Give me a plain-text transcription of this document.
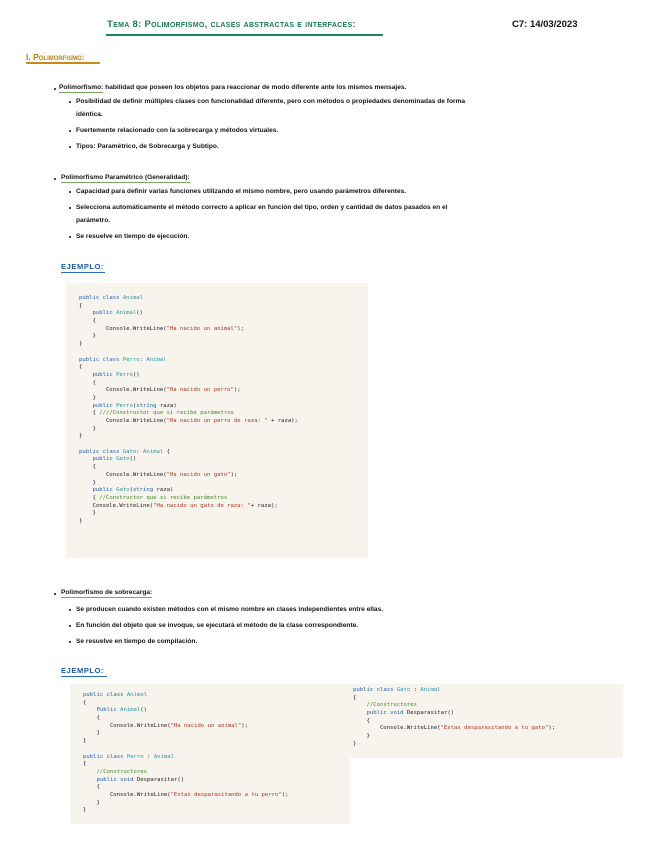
Tema 8: Polimorfismo, clases abstractas e interfaces:	C7: 14/03/2023
I. Polimorfismo:
Polimorfismo: habilidad que poseen los objetos para reaccionar de modo diferente ante los mismos mensajes.
Posibilidad de definir múltiples clases con funcionalidad diferente, pero con métodos o propiedades denominadas de forma
idéntica.
Fuertemente relacionado con la sobrecarga y métodos virtuales.
Tipos: Paramétrico, de Sobrecarga y Subtipo.
Polimorfismo Paramétrico (Generalidad):
Capacidad para definir varias funciones utilizando el mismo nombre, pero usando parámetros diferentes.
Selecciona automáticamente el método correcto a aplicar en función del tipo, orden y cantidad de datos pasados en el
parámetro.
Se resuelve en tiempo de ejecución.
Polimorfismo de sobrecarga:
Se producen cuando existen métodos con el mismo nombre en clases independientes entre ellas.
En función del objeto que se invoque, se ejecutará el método de la clase correspondiente.
Se resuelve en tiempo de compilación.
EJEMPLO:
public class Animal
{
public Animal()
{
Console.WriteLine("Ha nacido un animal");
}
}

public class Perro: Animal
{
public Perro()
{
Console.WriteLine("Ha nacido un perro");
}
public Perro(string raza)
{ ////Constructor que si recibe parámetros
Console.WriteLine("Ha nacido un perro de raza: " + raza);
}
}

public class Gato: Animal {
public Gato()
{
Console.WriteLine("Ha nacido un gato");
}
public Gato(string raza)
{ //Constructor que si recibe parámetros
Console.WriteLine("Ha nacido un gato de raza: "+ raza);
}
}
EJEMPLO:
public class Animal
{
Public Animal()
{
Console.WriteLine("Ha nacido un animal");
}
}

public class Perro : Animal
{
//Constructores
public void Desparasitar()
{
Console.WriteLine("Estas desparasitando a tu perro");
}
}
public class Gato : Animal
{
//Constructores
public void Desparasitar()
{
Console.WriteLine("Estas desparasitando a tu gato");
}
}
